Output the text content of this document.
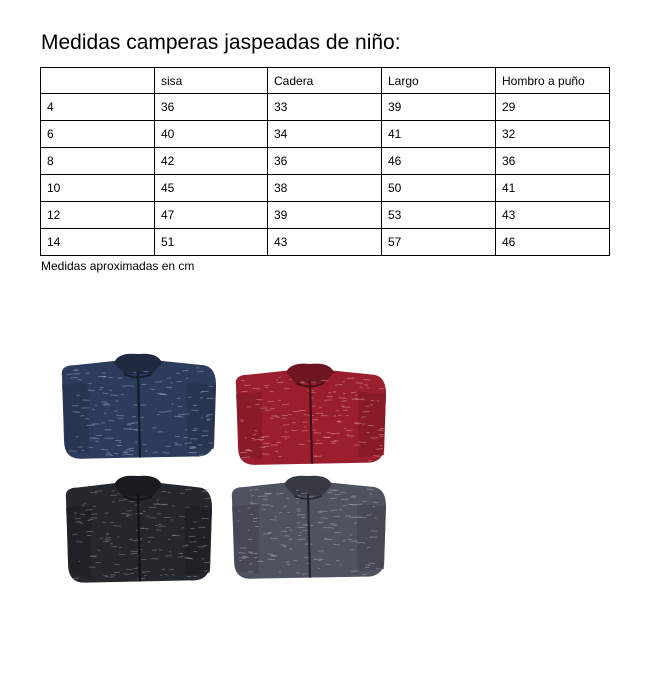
Medidas camperas jaspeadas de niño:
	sisa	Cadera	Largo	Hombro a puño
4	36	33	39	29
6	40	34	41	32
8	42	36	46	36
10	45	38	50	41
12	47	39	53	43
14	51	43	57	46
Medidas aproximadas en cm
